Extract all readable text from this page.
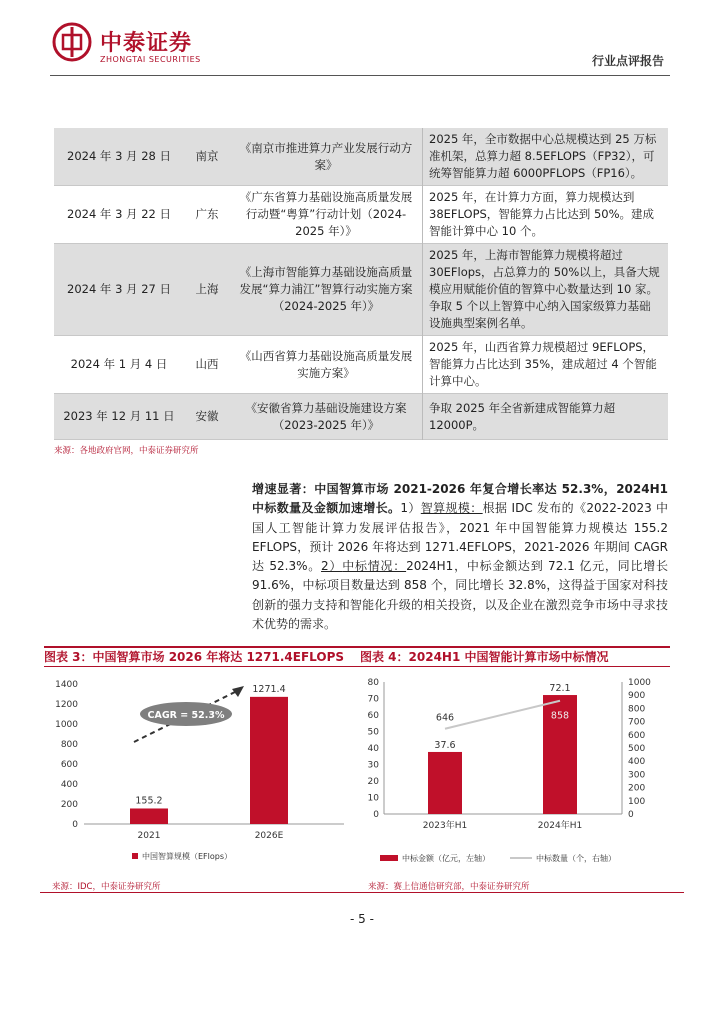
中泰证券
ZHONGTAI SECURITIES	行业点评报告
2024 年 3 月 28 日	南京	《南京市推进算力产业发展行动方案》	2025 年，全市数据中心总规模达到 25 万标准机架，总算力超 8.5EFLOPS（FP32），可统筹智能算力超 6000PFLOPS（FP16）。
2024 年 3 月 22 日	广东	《广东省算力基础设施高质量发展行动暨“粤算”行动计划（2024-2025 年）》	2025 年，在计算力方面，算力规模达到 38EFLOPS，智能算力占比达到 50%。建成智能计算中心 10 个。
2024 年 3 月 27 日	上海	《上海市智能算力基础设施高质量发展“算力浦江”智算行动实施方案（2024-2025 年）》	2025 年，上海市智能算力规模将超过 30EFlops，占总算力的 50%以上，具备大规模应用赋能价值的智算中心数量达到 10 家。争取 5 个以上智算中心纳入国家级算力基础设施典型案例名单。
2024 年 1 月 4 日	山西	《山西省算力基础设施高质量发展实施方案》	2025 年，山西省算力规模超过 9EFLOPS，智能算力占比达到 35%，建成超过 4 个智能计算中心。
2023 年 12 月 11 日	安徽	《安徽省算力基础设施建设方案（2023-2025 年）》	争取 2025 年全省新建成智能算力超 12000P。
来源：各地政府官网，中泰证券研究所
增速显著：中国智算市场 2021-2026 年复合增长率达 52.3%，2024H1 中标数量及金额加速增长。1）智算规模：根据 IDC 发布的《2022-2023 中国人工智能计算力发展评估报告》，2021 年中国智能算力规模达 155.2 EFLOPS，预计 2026 年将达到 1271.4EFLOPS，2021-2026 年期间 CAGR 达 52.3%。2）中标情况：2024H1，中标金额达到 72.1 亿元，同比增长 91.6%，中标项目数量达到 858 个，同比增长 32.8%，这得益于国家对科技创新的强力支持和智能化升级的相关投资，以及企业在激烈竞争市场中寻求技术优势的需求。
图表 3：中国智算市场 2026 年将达 1271.4EFLOPS	图表 4：2024H1 中国智能计算市场中标情况
0
200
400
600
800
1000
1200
1400
155.2
2021
1271.4
2026E
CAGR = 52.3%
中国智算规模（EFlops）
0
10
20
30
40
50
60
70
80
0
100
200
300
400
500
600
700
800
900
1000
37.6
2023年H1
72.1
2024年H1
646	858
中标金额（亿元，左轴）	中标数量（个，右轴）
来源：IDC，中泰证券研究所	来源：赛上信通信研究部，中泰证券研究所
- 5 -
